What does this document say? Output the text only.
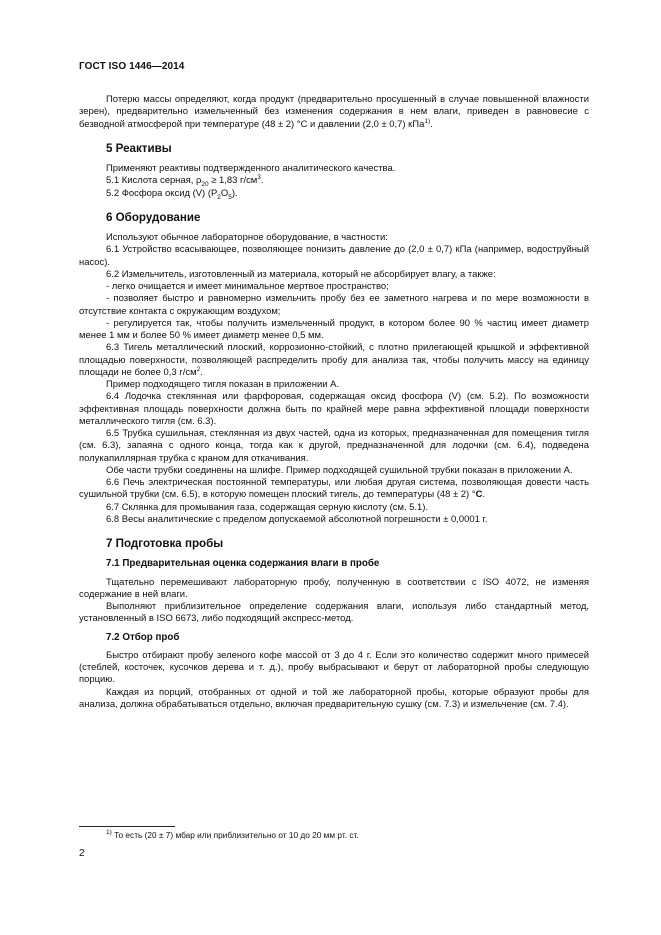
ГОСТ ISO 1446—2014

Потерю массы определяют, когда продукт (предварительно просушенный в случае повышенной влажности зерен), предварительно измельченный без изменения содержания в нем влаги, приведен в равновесие с безводной атмосферой при температуре (48 ± 2) °С и давлении (2,0 ± 0,7) кПа$^{1)}$.

5 Реактивы

Применяют реактивы подтвержденного аналитического качества.

5.1 Кислота серная, $\rho_{20} \ge 1,83$ $г/см^3$.

5.2 Фосфора оксид (V) $(P_2O_5)$.

6 Оборудование

Используют обычное лабораторное оборудование, в частности:

6.1 Устройство всасывающее, позволяющее понизить давление до (2,0 ± 0,7) кПа (например, водоструйный насос).

6.2 Измельчитель, изготовленный из материала, который не абсорбирует влагу, а также:

- легко очищается и имеет минимальное мертвое пространство;

- позволяет быстро и равномерно измельчить пробу без ее заметного нагрева и по мере возможности в отсутствие контакта с окружающим воздухом;

- регулируется так, чтобы получить измельченный продукт, в котором более 90 % частиц имеет диаметр менее 1 мм и более 50 % имеет диаметр менее 0,5 мм.

6.3 Тигель металлический плоский, коррозионно-стойкий, с плотно прилегающей крышкой и эффективной площадью поверхности, позволяющей распределить пробу для анализа так, чтобы получить массу на единицу площади не более 0,3 $г/см^2$.

Пример подходящего тигля показан в приложении А.

6.4 Лодочка стеклянная или фарфоровая, содержащая оксид фосфора (V) (см. 5.2). По возможности эффективная площадь поверхности должна быть по крайней мере равна эффективной площади поверхности металлического тигля (см. 6.3).

6.5 Трубка сушильная, стеклянная из двух частей, одна из которых, предназначенная для помещения тигля (см. 6.3), запаяна с одного конца, тогда как к другой, предназначенной для лодочки (см. 6.4), подведена полукапиллярная трубка с краном для откачивания.

Обе части трубки соединены на шлифе. Пример подходящей сушильной трубки показан в приложении А.

6.6 Печь электрическая постоянной температуры, или любая другая система, позволяющая довести часть сушильной трубки (см. 6.5), в которую помещен плоский тигель, до температуры (48 ± 2) °С.

6.7 Склянка для промывания газа, содержащая серную кислоту (см. 5.1).

6.8 Весы аналитические с пределом допускаемой абсолютной погрешности ± 0,0001 г.

7 Подготовка пробы

7.1 Предварительная оценка содержания влаги в пробе

Тщательно перемешивают лабораторную пробу, полученную в соответствии с ISO 4072, не изменяя содержание в ней влаги.

Выполняют приблизительное определение содержания влаги, используя либо стандартный метод, установленный в ISO 6673, либо подходящий экспресс-метод.

7.2 Отбор проб

Быстро отбирают пробу зеленого кофе массой от 3 до 4 г. Если это количество содержит много примесей (стеблей, косточек, кусочков дерева и т. д.), пробу выбрасывают и берут от лабораторной пробы следующую порцию.

Каждая из порций, отобранных от одной и той же лабораторной пробы, которые образуют пробы для анализа, должна обрабатываться отдельно, включая предварительную сушку (см. 7.3) и измельчение (см. 7.4).

$^{1)}$ То есть (20 ± 7) мбар или приблизительно от 10 до 20 мм рт. ст.
2
